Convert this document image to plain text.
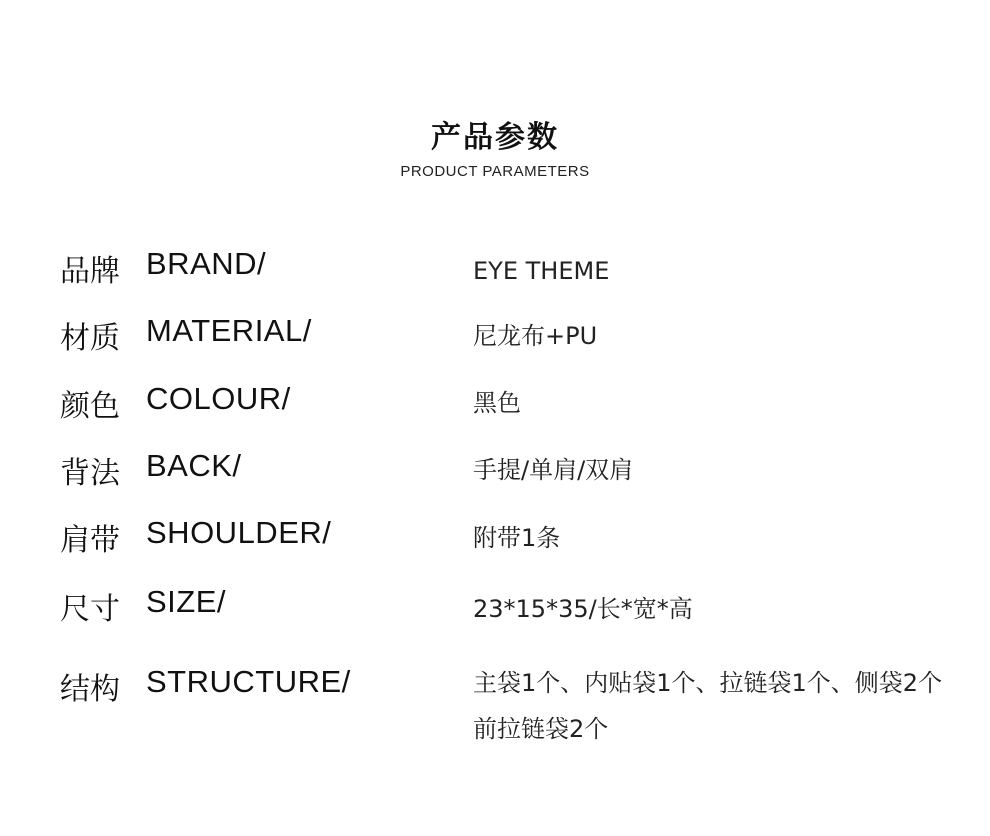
产品参数
PRODUCT PARAMETERS
品牌 BRAND/	EYE THEME
材质 MATERIAL/	尼龙布+PU
颜色 COLOUR/	黑色
背法 BACK/	手提/单肩/双肩
肩带 SHOULDER/	附带1条
尺寸 SIZE/	23*15*35/长*宽*高
结构 STRUCTURE/	主袋1个、内贴袋1个、拉链袋1个、侧袋2个 前拉链袋2个
